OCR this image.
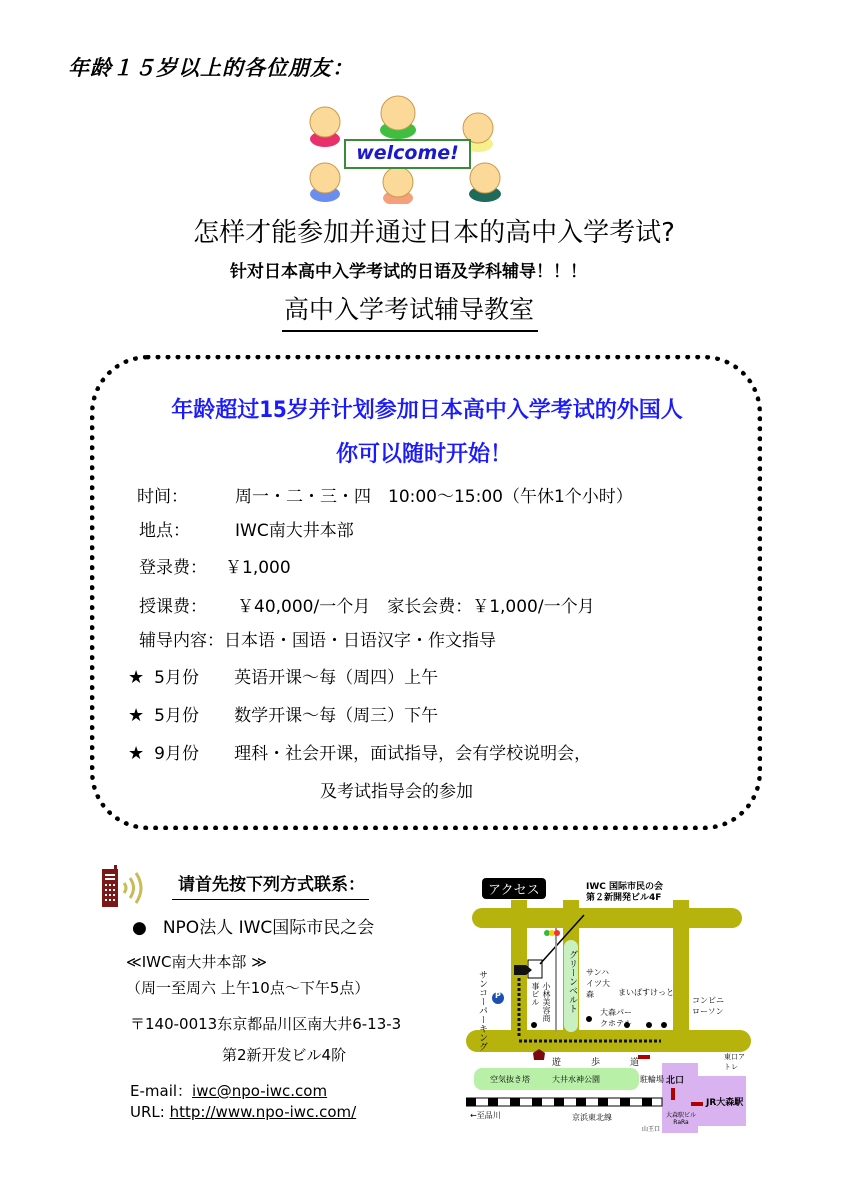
年龄１５岁以上的各位朋友：
welcome!
怎样才能参加并通过日本的高中入学考试?
针对日本高中入学考试的日语及学科辅导！！！
高中入学考试辅导教室
年龄超过15岁并计划参加日本高中入学考试的外国人
你可以随时开始！
时间：	周一・二・三・四　10:00～15:00（午休1个小时）
地点：	IWC南大井本部
登录费： ￥1,000
授课费： ￥40,000/一个月　家长会费：￥1,000/一个月
辅导内容：日本语・国语・日语汉字・作文指导
★ 5月份 英语开课～每（周四）上午
★ 5月份 数学开课～每（周三）下午
★ 9月份 理科・社会开课，面试指导，会有学校说明会，
及考试指导会的参加
请首先按下列方式联系：
● NPO法人 IWC国际市民之会
≪IWC南大井本部 ≫
（周一至周六 上午10点～下午5点）
〒140-0013东京都品川区南大井6-13-3
第2新开发ビル4阶
E-mail：iwc@npo-iwc.com
URL: http://www.npo-iwc.com/
アクセス	IWC 国际市民の会
第２新開発ビル4F
サンコーパーキング P	小林美容商事ビル	グリーンベルト サンハイツ大森	まいばすけっと
大森パークホテル
コンビニローソン
遊	歩	道
空気抜き塔	大井水神公園	駐輪場 北口
東口アトレ
JR大森駅
大森駅ビルRaRa
山王口
←至品川	京浜東北線
